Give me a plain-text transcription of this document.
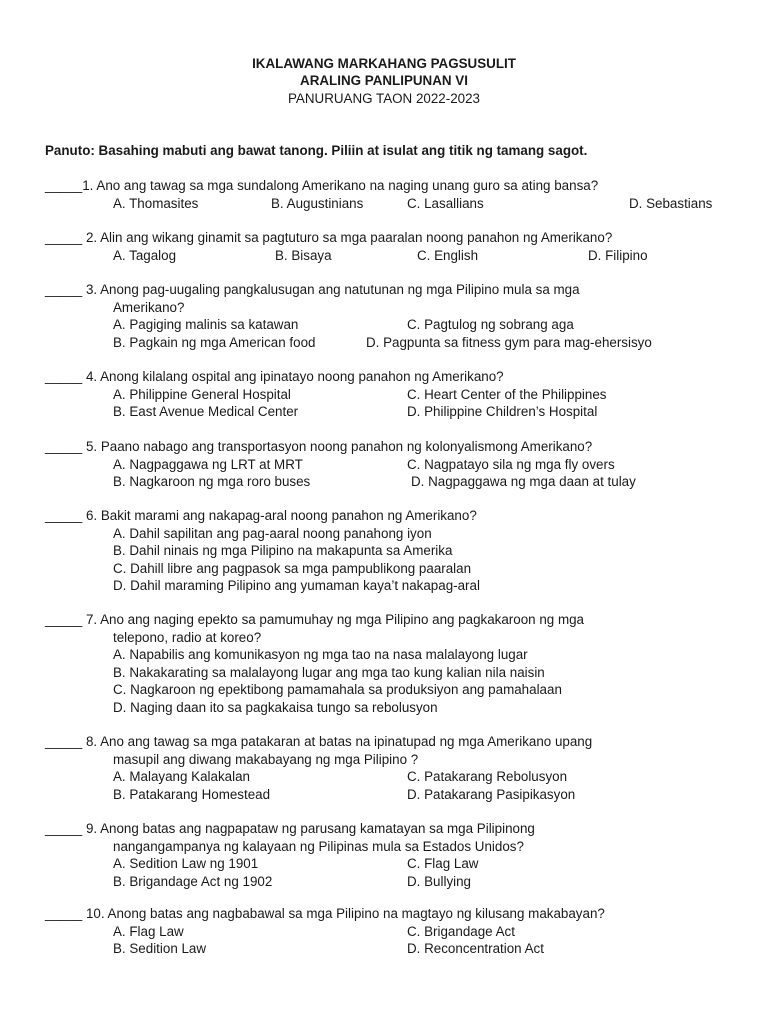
IKALAWANG MARKAHANG PAGSUSULIT
ARALING PANLIPUNAN VI
PANURUANG TAON 2022-2023
Panuto: Basahing mabuti ang bawat tanong. Piliin at isulat ang titik ng tamang sagot.
_____1. Ano ang tawag sa mga sundalong Amerikano na naging unang guro sa ating bansa?
A. Thomasites	B. Augustinians	C. Lasallians	D. Sebastians
_____ 2. Alin ang wikang ginamit sa pagtuturo sa mga paaralan noong panahon ng Amerikano?
A. Tagalog	B. Bisaya	C. English	D. Filipino
_____ 3. Anong pag-uugaling pangkalusugan ang natutunan ng mga Pilipino mula sa mga
Amerikano?
A. Pagiging malinis sa katawan	C. Pagtulog ng sobrang aga
B. Pagkain ng mga American food	D. Pagpunta sa fitness gym para mag-ehersisyo
_____ 4. Anong kilalang ospital ang ipinatayo noong panahon ng Amerikano?
A. Philippine General Hospital	C. Heart Center of the Philippines
B. East Avenue Medical Center	D. Philippine Children’s Hospital
_____ 5. Paano nabago ang transportasyon noong panahon ng kolonyalismong Amerikano?
A. Nagpaggawa ng LRT at MRT	C. Nagpatayo sila ng mga fly overs
B. Nagkaroon ng mga roro buses	D. Nagpaggawa ng mga daan at tulay
_____ 6. Bakit marami ang nakapag-aral noong panahon ng Amerikano?
A. Dahil sapilitan ang pag-aaral noong panahong iyon
B. Dahil ninais ng mga Pilipino na makapunta sa Amerika
C. Dahill libre ang pagpasok sa mga pampublikong paaralan
D. Dahil maraming Pilipino ang yumaman kaya’t nakapag-aral
_____ 7. Ano ang naging epekto sa pamumuhay ng mga Pilipino ang pagkakaroon ng mga
telepono, radio at koreo?
A. Napabilis ang komunikasyon ng mga tao na nasa malalayong lugar
B. Nakakarating sa malalayong lugar ang mga tao kung kalian nila naisin
C. Nagkaroon ng epektibong pamamahala sa produksiyon ang pamahalaan
D. Naging daan ito sa pagkakaisa tungo sa rebolusyon
_____ 8. Ano ang tawag sa mga patakaran at batas na ipinatupad ng mga Amerikano upang
masupil ang diwang makabayang ng mga Pilipino ?
A. Malayang Kalakalan	C. Patakarang Rebolusyon
B. Patakarang Homestead	D. Patakarang Pasipikasyon
_____ 9. Anong batas ang nagpapataw ng parusang kamatayan sa mga Pilipinong
nangangampanya ng kalayaan ng Pilipinas mula sa Estados Unidos?
A. Sedition Law ng 1901	C. Flag Law
B. Brigandage Act ng 1902	D. Bullying
_____ 10. Anong batas ang nagbabawal sa mga Pilipino na magtayo ng kilusang makabayan?
A. Flag Law	C. Brigandage Act
B. Sedition Law	D. Reconcentration Act
